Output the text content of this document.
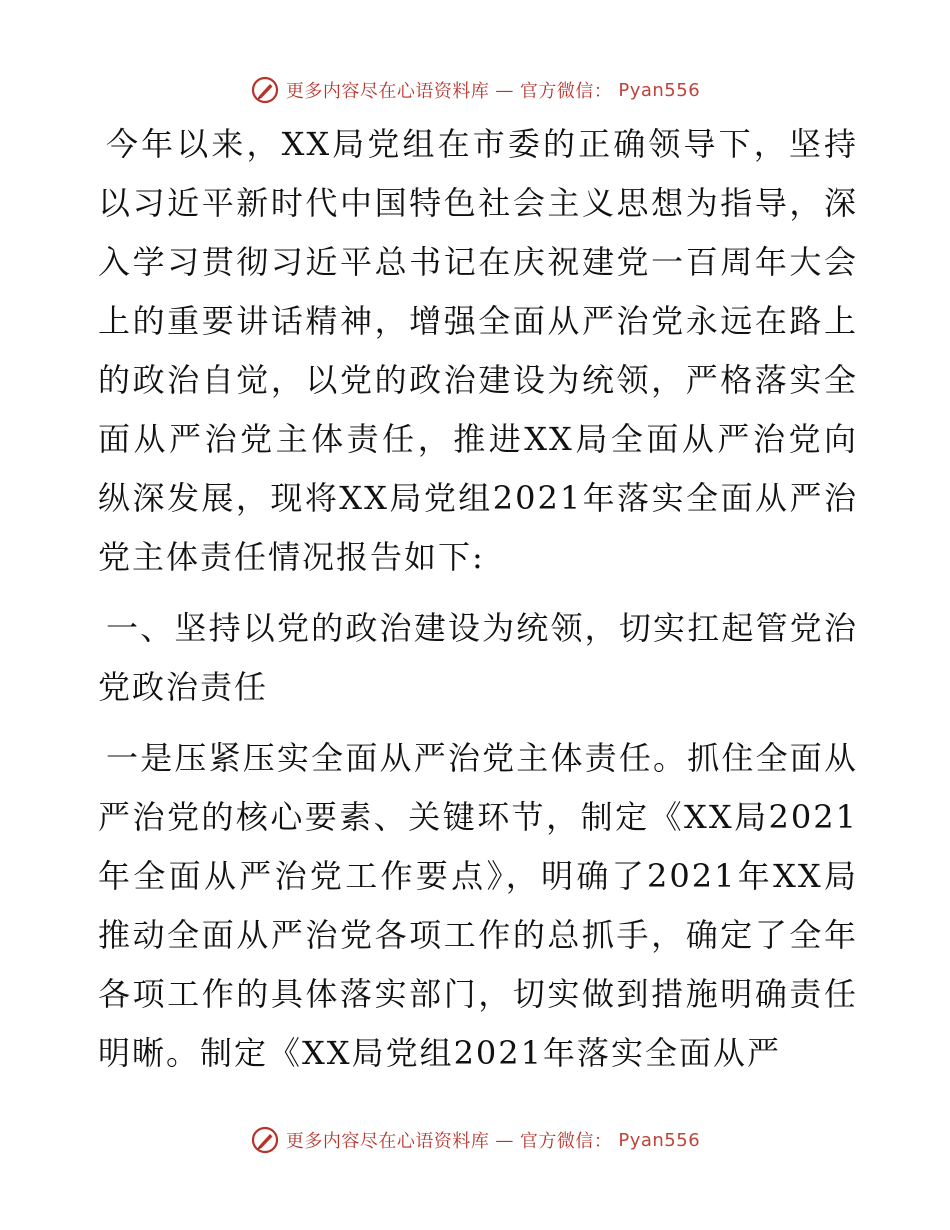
更多内容尽在心语资料库 — 官方微信： Pyan556

今年以来，XX局党组在市委的正确领导下，坚持以习近平新时代中国特色社会主义思想为指导，深入学习贯彻习近平总书记在庆祝建党一百周年大会上的重要讲话精神，增强全面从严治党永远在路上的政治自觉，以党的政治建设为统领，严格落实全面从严治党主体责任，推进XX局全面从严治党向纵深发展，现将XX局党组2021年落实全面从严治党主体责任情况报告如下:

一、坚持以党的政治建设为统领，切实扛起管党治党政治责任

一是压紧压实全面从严治党主体责任。抓住全面从严治党的核心要素、关键环节，制定《XX局2021年全面从严治党工作要点》，明确了2021年XX局推动全面从严治党各项工作的总抓手，确定了全年各项工作的具体落实部门，切实做到措施明确责任明晰。制定《XX局党组2021年落实全面从严

更多内容尽在心语资料库 — 官方微信： Pyan556
